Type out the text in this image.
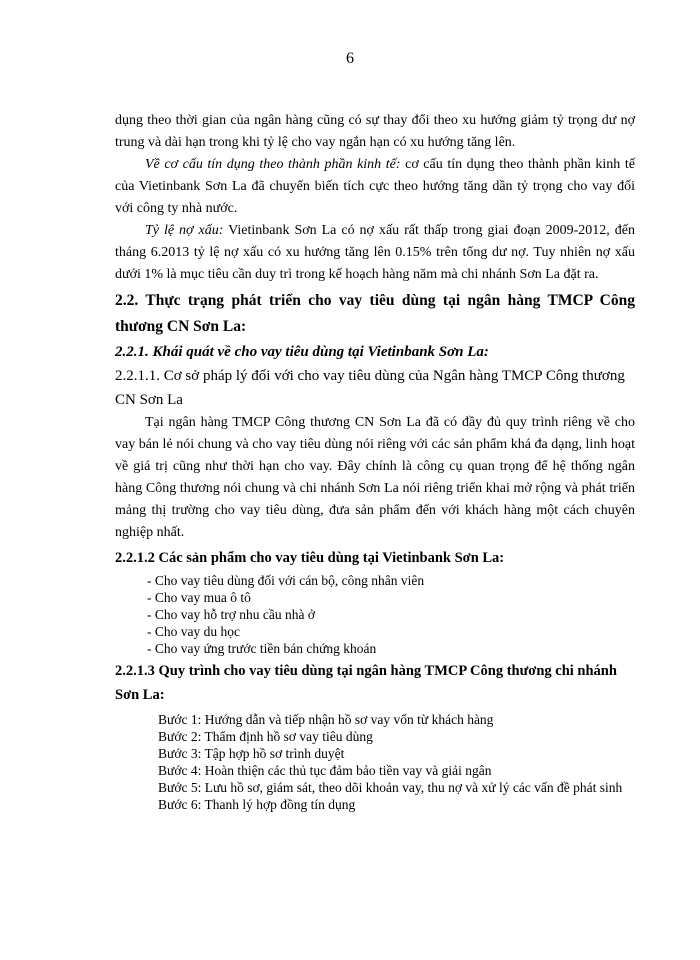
6

dụng theo thời gian của ngân hàng cũng có sự thay đổi theo xu hướng giảm tỷ trọng dư nợ trung và dài hạn trong khi tỷ lệ cho vay ngắn hạn có xu hướng tăng lên.

Về cơ cấu tín dụng theo thành phần kinh tế: cơ cấu tín dụng theo thành phần kinh tế của Vietinbank Sơn La đã chuyển biến tích cực theo hướng tăng dần tỷ trọng cho vay đối với công ty nhà nước.

Tỷ lệ nợ xấu: Vietinbank Sơn La có nợ xấu rất thấp trong giai đoạn 2009-2012, đến tháng 6.2013 tỷ lệ nợ xấu có xu hướng tăng lên 0.15% trên tổng dư nợ. Tuy nhiên nợ xấu dưới 1% là mục tiêu cần duy trì trong kế hoạch hàng năm mà chi nhánh Sơn La đặt ra.

2.2. Thực trạng phát triển cho vay tiêu dùng tại ngân hàng TMCP Công thương CN Sơn La:

2.2.1. Khái quát về cho vay tiêu dùng tại Vietinbank Sơn La:

2.2.1.1. Cơ sở pháp lý đối với cho vay tiêu dùng của Ngân hàng TMCP Công thương CN Sơn La

Tại ngân hàng TMCP Công thương CN Sơn La đã có đầy đủ quy trình riêng về cho vay bán lẻ nói chung và cho vay tiêu dùng nói riêng với các sản phẩm khá đa dạng, linh hoạt về giá trị cũng như thời hạn cho vay. Đây chính là công cụ quan trọng để hệ thống ngân hàng Công thương nói chung và chi nhánh Sơn La nói riêng triển khai mở rộng và phát triển mảng thị trường cho vay tiêu dùng, đưa sản phẩm đến với khách hàng một cách chuyên nghiệp nhất.

2.2.1.2 Các sản phẩm cho vay tiêu dùng tại Vietinbank Sơn La:

- Cho vay tiêu dùng đối với cán bộ, công nhân viên
- Cho vay mua ô tô
- Cho vay hỗ trợ nhu cầu nhà ở
- Cho vay du học
- Cho vay ứng trước tiền bán chứng khoán

2.2.1.3 Quy trình cho vay tiêu dùng tại ngân hàng TMCP Công thương chi nhánh Sơn La:

Bước 1: Hướng dẫn và tiếp nhận hồ sơ vay vốn từ khách hàng
Bước 2: Thẩm định hồ sơ vay tiêu dùng
Bước 3: Tập hợp hồ sơ trình duyệt
Bước 4: Hoàn thiện các thủ tục đảm bảo tiền vay và giải ngân
Bước 5: Lưu hồ sơ, giám sát, theo dõi khoản vay, thu nợ và xử lý các vấn đề phát sinh
Bước 6: Thanh lý hợp đồng tín dụng
